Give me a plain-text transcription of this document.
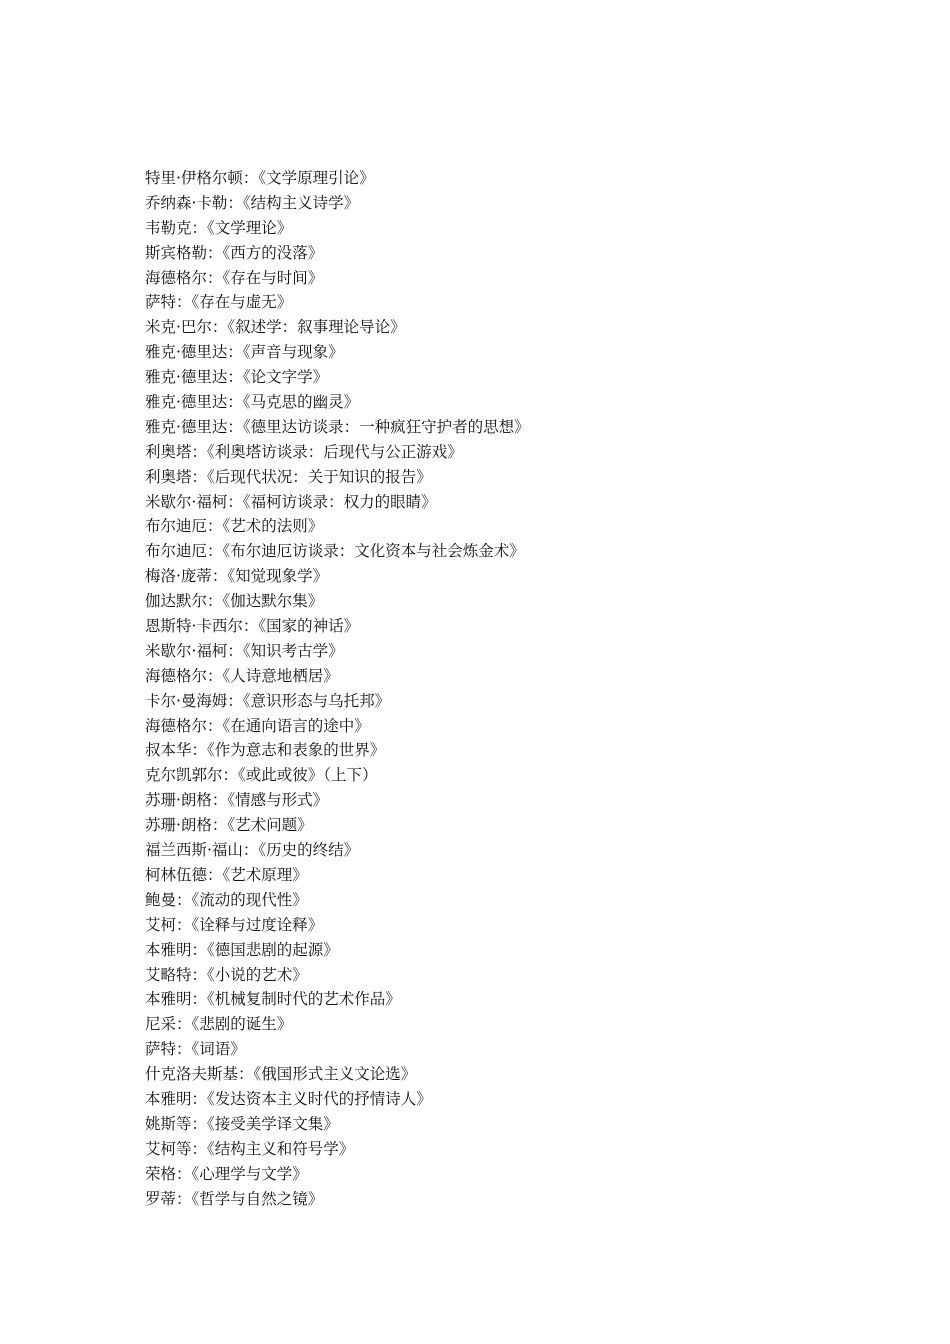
特里·伊格尔顿：《文学原理引论》
乔纳森·卡勒：《结构主义诗学》
韦勒克：《文学理论》
斯宾格勒：《西方的没落》
海德格尔：《存在与时间》
萨特：《存在与虚无》
米克·巴尔：《叙述学：叙事理论导论》
雅克·德里达：《声音与现象》
雅克·德里达：《论文字学》
雅克·德里达：《马克思的幽灵》
雅克·德里达：《德里达访谈录：一种疯狂守护者的思想》
利奥塔：《利奥塔访谈录：后现代与公正游戏》
利奥塔：《后现代状况：关于知识的报告》
米歇尔·福柯：《福柯访谈录：权力的眼睛》
布尔迪厄：《艺术的法则》
布尔迪厄：《布尔迪厄访谈录：文化资本与社会炼金术》
梅洛·庞蒂：《知觉现象学》
伽达默尔：《伽达默尔集》
恩斯特·卡西尔：《国家的神话》
米歇尔·福柯：《知识考古学》
海德格尔：《人诗意地栖居》
卡尔·曼海姆：《意识形态与乌托邦》
海德格尔：《在通向语言的途中》
叔本华：《作为意志和表象的世界》
克尔凯郭尔：《或此或彼》（上下）
苏珊·朗格：《情感与形式》
苏珊·朗格：《艺术问题》
福兰西斯·福山：《历史的终结》
柯林伍德：《艺术原理》
鲍曼：《流动的现代性》
艾柯：《诠释与过度诠释》
本雅明：《德国悲剧的起源》
艾略特：《小说的艺术》
本雅明：《机械复制时代的艺术作品》
尼采：《悲剧的诞生》
萨特：《词语》
什克洛夫斯基：《俄国形式主义文论选》
本雅明：《发达资本主义时代的抒情诗人》
姚斯等：《接受美学译文集》
艾柯等：《结构主义和符号学》
荣格：《心理学与文学》
罗蒂：《哲学与自然之镜》
